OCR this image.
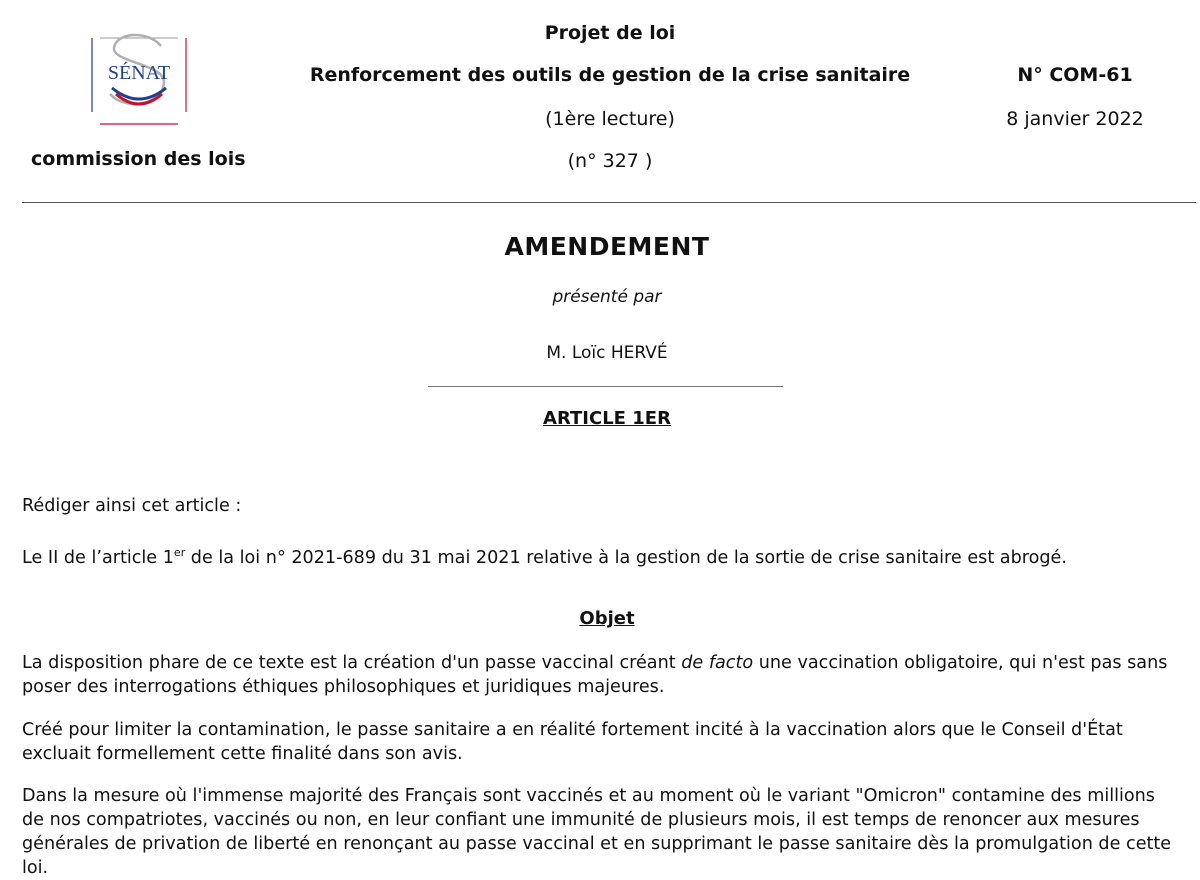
SÉNAT
commission des lois
Projet de loi
Renforcement des outils de gestion de la crise sanitaire
(1ère lecture)
(n° 327 )
N° COM-61
8 janvier 2022
AMENDEMENT
présenté par
M. Loïc HERVÉ
ARTICLE 1ER
Rédiger ainsi cet article :
Le II de l’article 1er de la loi n° 2021-689 du 31 mai 2021 relative à la gestion de la sortie de crise sanitaire est abrogé.
Objet
La disposition phare de ce texte est la création d'un passe vaccinal créant de facto une vaccination obligatoire, qui n'est pas sans poser des interrogations éthiques philosophiques et juridiques majeures.
Créé pour limiter la contamination, le passe sanitaire a en réalité fortement incité à la vaccination alors que le Conseil d'État excluait formellement cette finalité dans son avis.
Dans la mesure où l'immense majorité des Français sont vaccinés et au moment où le variant "Omicron" contamine des millions de nos compatriotes, vaccinés ou non, en leur confiant une immunité de plusieurs mois, il est temps de renoncer aux mesures générales de privation de liberté en renonçant au passe vaccinal et en supprimant le passe sanitaire dès la promulgation de cette loi.
